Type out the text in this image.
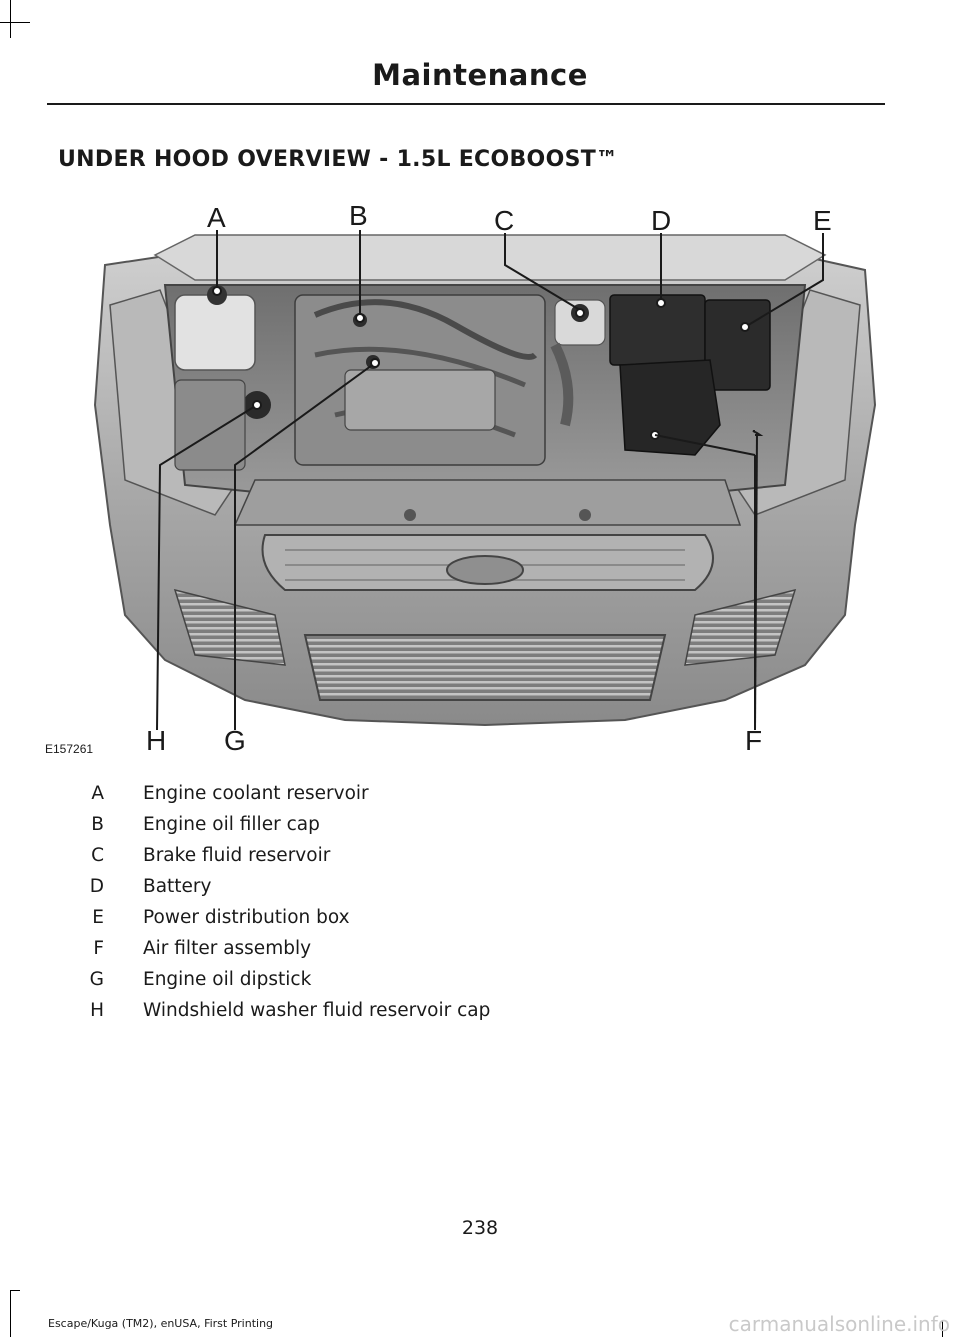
Maintenance
UNDER HOOD OVERVIEW - 1.5L ECOBOOST™
A	B	C	D	E
F
G
H
E157261
A Engine coolant reservoir
B Engine oil filler cap
C Brake fluid reservoir
D Battery
E Power distribution box
F Air filter assembly
G Engine oil dipstick
H Windshield washer fluid reservoir cap
238
Escape/Kuga (TM2), enUSA, First Printing	carmanualsonline.info
